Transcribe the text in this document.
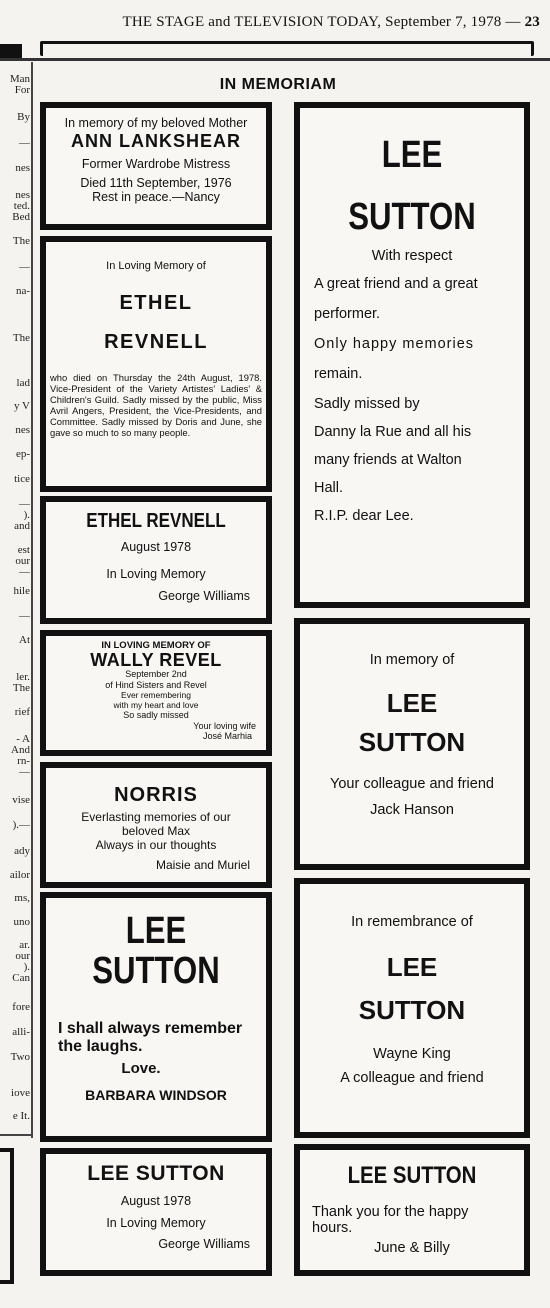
THE STAGE and TELEVISION TODAY, September 7, 1978 — 23
Man
For
By
—
nes
nes
ted.
Bed
The
—
na-
The
lad
y V
nes
ep-
tice
—
).
and
est
our
—
hile
—
At
ler.
The
rief
- A
And
rn-
—
vise
).—
ady
ailor
ms,
uno
ar.
our
).
Can
fore
alli-
Two
iove
e It.
IN MEMORIAM
In memory of my beloved Mother
ANN LANKSHEAR
Former Wardrobe Mistress
Died 11th September, 1976
Rest in peace.—Nancy
In Loving Memory of
ETHEL
REVNELL
who died on Thursday the 24th August, 1978. Vice-President of the Variety Artistes' Ladies' & Children's Guild. Sadly missed by the public, Miss Avril Angers, President, the Vice-Presidents, and Committee. Sadly missed by Doris and June, she gave so much to so many people.
ETHEL REVNELL
August 1978
In Loving Memory
George Williams
IN LOVING MEMORY OF
WALLY REVEL
September 2nd
of Hind Sisters and Revel
Ever remembering
with my heart and love
So sadly missed
Your loving wife
José Marhia
NORRIS
Everlasting memories of our
beloved Max
Always in our thoughts
Maisie and Muriel
LEE
SUTTON
I shall always remember
the laughs.
Love.
BARBARA WINDSOR
LEE SUTTON
August 1978
In Loving Memory
George Williams
LEE
SUTTON
With respect
A great friend and a great
performer.
Only happy memories
remain.
Sadly missed by
Danny la Rue and all his
many friends at Walton
Hall.
R.I.P. dear Lee.
In memory of
LEE
SUTTON
Your colleague and friend
Jack Hanson
In remembrance of
LEE
SUTTON
Wayne King
A colleague and friend
LEE SUTTON
Thank you for the happy
hours.
June & Billy
